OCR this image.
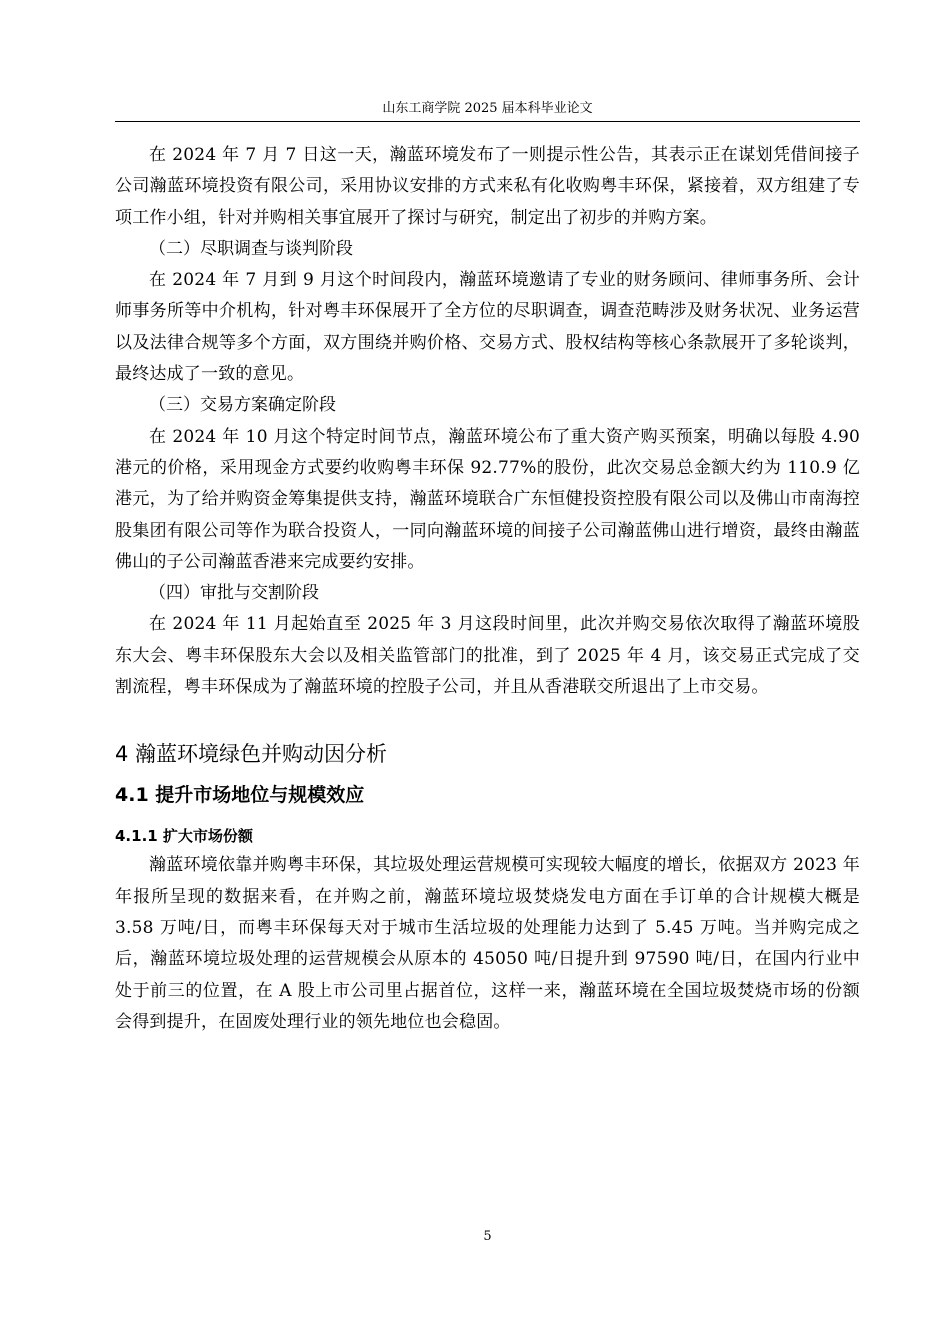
山东工商学院 2025 届本科毕业论文

在 2024 年 7 月 7 日这一天，瀚蓝环境发布了一则提示性公告，其表示正在谋划凭借间接子公司瀚蓝环境投资有限公司，采用协议安排的方式来私有化收购粤丰环保，紧接着，双方组建了专项工作小组，针对并购相关事宜展开了探讨与研究，制定出了初步的并购方案。

（二）尽职调查与谈判阶段

在 2024 年 7 月到 9 月这个时间段内，瀚蓝环境邀请了专业的财务顾问、律师事务所、会计师事务所等中介机构，针对粤丰环保展开了全方位的尽职调查，调查范畴涉及财务状况、业务运营以及法律合规等多个方面，双方围绕并购价格、交易方式、股权结构等核心条款展开了多轮谈判，最终达成了一致的意见。

（三）交易方案确定阶段

在 2024 年 10 月这个特定时间节点，瀚蓝环境公布了重大资产购买预案，明确以每股 4.90 港元的价格，采用现金方式要约收购粤丰环保 92.77%的股份，此次交易总金额大约为 110.9 亿港元，为了给并购资金筹集提供支持，瀚蓝环境联合广东恒健投资控股有限公司以及佛山市南海控股集团有限公司等作为联合投资人，一同向瀚蓝环境的间接子公司瀚蓝佛山进行增资，最终由瀚蓝佛山的子公司瀚蓝香港来完成要约安排。

（四）审批与交割阶段

在 2024 年 11 月起始直至 2025 年 3 月这段时间里，此次并购交易依次取得了瀚蓝环境股东大会、粤丰环保股东大会以及相关监管部门的批准，到了 2025 年 4 月，该交易正式完成了交割流程，粤丰环保成为了瀚蓝环境的控股子公司，并且从香港联交所退出了上市交易。

4 瀚蓝环境绿色并购动因分析
4.1 提升市场地位与规模效应
4.1.1 扩大市场份额

瀚蓝环境依靠并购粤丰环保，其垃圾处理运营规模可实现较大幅度的增长，依据双方 2023 年年报所呈现的数据来看，在并购之前，瀚蓝环境垃圾焚烧发电方面在手订单的合计规模大概是 3.58 万吨/日，而粤丰环保每天对于城市生活垃圾的处理能力达到了 5.45 万吨。当并购完成之后，瀚蓝环境垃圾处理的运营规模会从原本的 45050 吨/日提升到 97590 吨/日，在国内行业中处于前三的位置，在 A 股上市公司里占据首位，这样一来，瀚蓝环境在全国垃圾焚烧市场的份额会得到提升，在固废处理行业的领先地位也会稳固。

5
